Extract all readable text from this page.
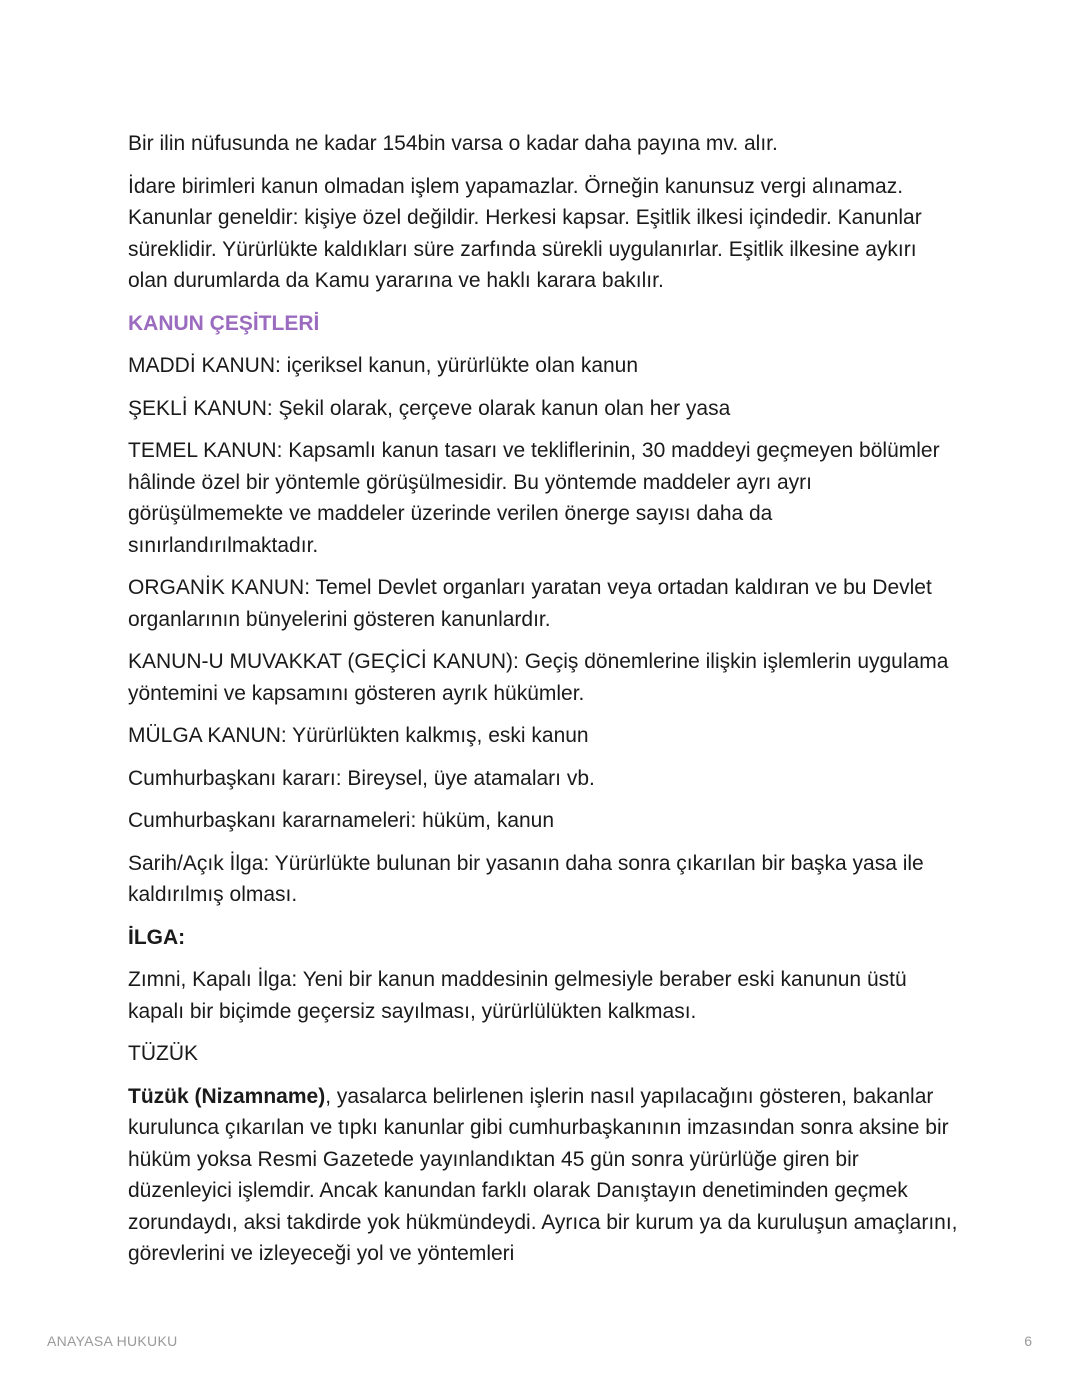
Bir ilin nüfusunda ne kadar 154bin varsa o kadar daha payına mv. alır.

İdare birimleri kanun olmadan işlem yapamazlar. Örneğin kanunsuz vergi alınamaz. Kanunlar geneldir: kişiye özel değildir. Herkesi kapsar. Eşitlik ilkesi içindedir. Kanunlar süreklidir. Yürürlükte kaldıkları süre zarfında sürekli uygulanırlar. Eşitlik ilkesine aykırı olan durumlarda da Kamu yararına ve haklı karara bakılır.

KANUN ÇEŞİTLERİ

MADDİ KANUN: içeriksel kanun, yürürlükte olan kanun

ŞEKLİ KANUN: Şekil olarak, çerçeve olarak kanun olan her yasa

TEMEL KANUN: Kapsamlı kanun tasarı ve tekliflerinin, 30 maddeyi geçmeyen bölümler hâlinde özel bir yöntemle görüşülmesidir. Bu yöntemde maddeler ayrı ayrı görüşülmemekte ve maddeler üzerinde verilen önerge sayısı daha da sınırlandırılmaktadır.

ORGANİK KANUN: Temel Devlet organları yaratan veya ortadan kaldıran ve bu Devlet organlarının bünyelerini gösteren kanunlardır.

KANUN-U MUVAKKAT (GEÇİCİ KANUN): Geçiş dönemlerine ilişkin işlemlerin uygulama yöntemini ve kapsamını gösteren ayrık hükümler.

MÜLGA KANUN: Yürürlükten kalkmış, eski kanun

Cumhurbaşkanı kararı: Bireysel, üye atamaları vb.

Cumhurbaşkanı kararnameleri: hüküm, kanun

Sarih/Açık İlga: Yürürlükte bulunan bir yasanın daha sonra çıkarılan bir başka yasa ile kaldırılmış olması.

İLGA:

Zımni, Kapalı İlga: Yeni bir kanun maddesinin gelmesiyle beraber eski kanunun üstü kapalı bir biçimde geçersiz sayılması, yürürlülükten kalkması.

TÜZÜK

Tüzük (Nizamname), yasalarca belirlenen işlerin nasıl yapılacağını gösteren, bakanlar kurulunca çıkarılan ve tıpkı kanunlar gibi cumhurbaşkanının imzasından sonra aksine bir hüküm yoksa Resmi Gazetede yayınlandıktan 45 gün sonra yürürlüğe giren bir düzenleyici işlemdir. Ancak kanundan farklı olarak Danıştayın denetiminden geçmek zorundaydı, aksi takdirde yok hükmündeydi. Ayrıca bir kurum ya da kuruluşun amaçlarını, görevlerini ve izleyeceği yol ve yöntemleri

ANAYASA HUKUKU	6
